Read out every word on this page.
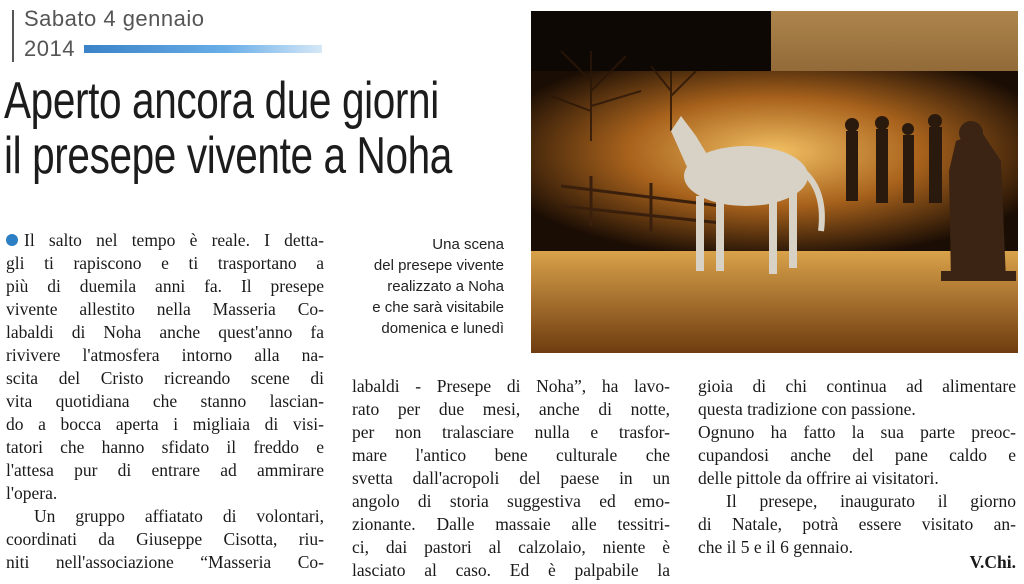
Sabato 4 gennaio
2014
Aperto ancora due giorni
il presepe vivente a Noha
Una scena
del presepe vivente
realizzato a Noha
e che sarà visitabile
domenica e lunedì
Il salto nel tempo è reale. I detta-
gli ti rapiscono e ti trasportano a
più di duemila anni fa. Il presepe
vivente allestito nella Masseria Co-
labaldi di Noha anche quest'anno fa
rivivere l'atmosfera intorno alla na-
scita del Cristo ricreando scene di
vita quotidiana che stanno lascian-
do a bocca aperta i migliaia di visi-
tatori che hanno sfidato il freddo e
l'attesa pur di entrare ad ammirare
l'opera.
Un gruppo affiatato di volontari,
coordinati da Giuseppe Cisotta, riu-
niti nell'associazione “Masseria Co-
labaldi - Presepe di Noha”, ha lavo-
rato per due mesi, anche di notte,
per non tralasciare nulla e trasfor-
mare l'antico bene culturale che
svetta dall'acropoli del paese in un
angolo di storia suggestiva ed emo-
zionante. Dalle massaie alle tessitri-
ci, dai pastori al calzolaio, niente è
lasciato al caso. Ed è palpabile la
gioia di chi continua ad alimentare
questa tradizione con passione.
Ognuno ha fatto la sua parte preoc-
cupandosi anche del pane caldo e
delle pittole da offrire ai visitatori.
Il presepe, inaugurato il giorno
di Natale, potrà essere visitato an-
che il 5 e il 6 gennaio.
V.Chi.
